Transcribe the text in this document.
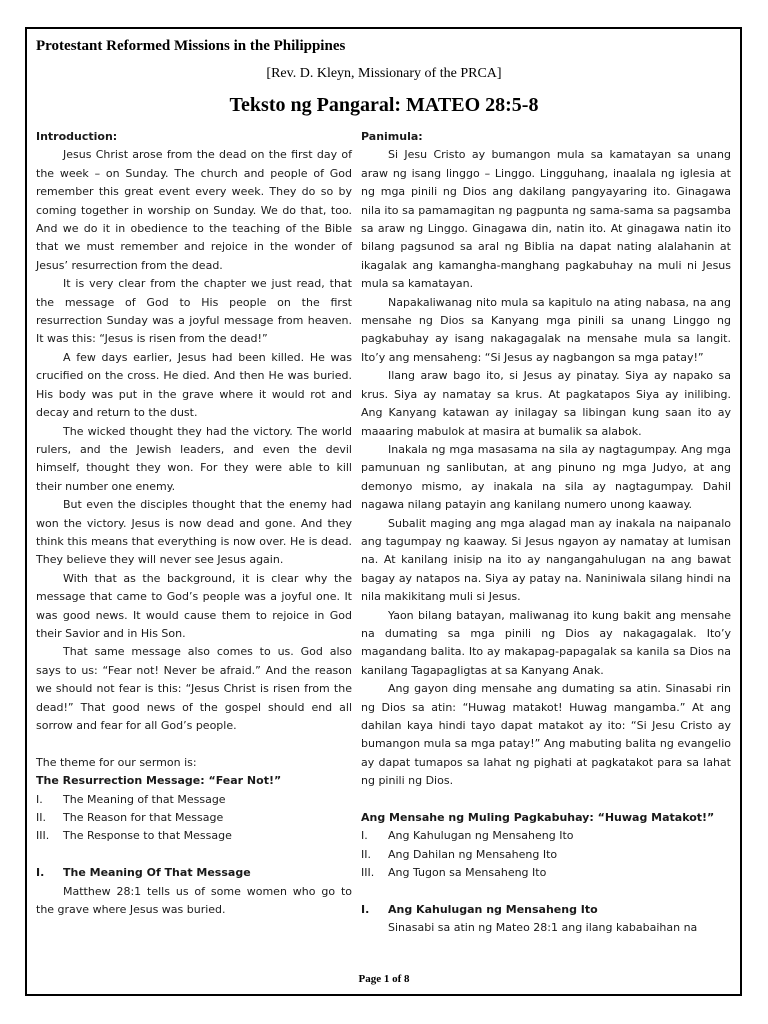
Protestant Reformed Missions in the Philippines
[Rev. D. Kleyn, Missionary of the PRCA]
Teksto ng Pangaral: MATEO 28:5-8

Introduction:

Jesus Christ arose from the dead on the first day of the week – on Sunday. The church and people of God remember this great event every week. They do so by coming together in worship on Sunday. We do that, too. And we do it in obedience to the teaching of the Bible that we must remember and rejoice in the wonder of Jesus’ resurrection from the dead.

It is very clear from the chapter we just read, that the message of God to His people on the first resurrection Sunday was a joyful message from heaven. It was this: “Jesus is risen from the dead!”

A few days earlier, Jesus had been killed. He was crucified on the cross. He died. And then He was buried. His body was put in the grave where it would rot and decay and return to the dust.

The wicked thought they had the victory. The world rulers, and the Jewish leaders, and even the devil himself, thought they won. For they were able to kill their number one enemy.

But even the disciples thought that the enemy had won the victory. Jesus is now dead and gone. And they think this means that everything is now over. He is dead. They believe they will never see Jesus again.

With that as the background, it is clear why the message that came to God’s people was a joyful one. It was good news. It would cause them to rejoice in God their Savior and in His Son.

That same message also comes to us. God also says to us: “Fear not! Never be afraid.” And the reason we should not fear is this: “Jesus Christ is risen from the dead!” That good news of the gospel should end all sorrow and fear for all God’s people.

The theme for our sermon is:

The Resurrection Message: “Fear Not!”

I.	The Meaning of that Message
II.	The Reason for that Message
III.	The Response to that Message
I.	The Meaning Of That Message

Matthew 28:1 tells us of some women who go to the grave where Jesus was buried.

Panimula:

Si Jesu Cristo ay bumangon mula sa kamatayan sa unang araw ng isang linggo – Linggo. Lingguhang, inaalala ng iglesia at ng mga pinili ng Dios ang dakilang pangyayaring ito. Ginagawa nila ito sa pamamagitan ng pagpunta ng sama-sama sa pagsamba sa araw ng Linggo. Ginagawa din, natin ito. At ginagawa natin ito bilang pagsunod sa aral ng Biblia na dapat nating alalahanin at ikagalak ang kamangha-manghang pagkabuhay na muli ni Jesus mula sa kamatayan.

Napakaliwanag nito mula sa kapitulo na ating nabasa, na ang mensahe ng Dios sa Kanyang mga pinili sa unang Linggo ng pagkabuhay ay isang nakagagalak na mensahe mula sa langit. Ito’y ang mensaheng: “Si Jesus ay nagbangon sa mga patay!”

Ilang araw bago ito, si Jesus ay pinatay. Siya ay napako sa krus. Siya ay namatay sa krus. At pagkatapos Siya ay inilibing. Ang Kanyang katawan ay inilagay sa libingan kung saan ito ay maaaring mabulok at masira at bumalik sa alabok.

Inakala ng mga masasama na sila ay nagtagumpay. Ang mga pamunuan ng sanlibutan, at ang pinuno ng mga Judyo, at ang demonyo mismo, ay inakala na sila ay nagtagumpay. Dahil nagawa nilang patayin ang kanilang numero unong kaaway.

Subalit maging ang mga alagad man ay inakala na naipanalo ang tagumpay ng kaaway. Si Jesus ngayon ay namatay at lumisan na. At kanilang inisip na ito ay nangangahulugan na ang bawat bagay ay natapos na. Siya ay patay na. Naniniwala silang hindi na nila makikitang muli si Jesus.

Yaon bilang batayan, maliwanag ito kung bakit ang mensahe na dumating sa mga pinili ng Dios ay nakagagalak. Ito’y magandang balita. Ito ay makapag-papagalak sa kanila sa Dios na kanilang Tagapagligtas at sa Kanyang Anak.

Ang gayon ding mensahe ang dumating sa atin. Sinasabi rin ng Dios sa atin: “Huwag matakot! Huwag mangamba.” At ang dahilan kaya hindi tayo dapat matakot ay ito: “Si Jesu Cristo ay bumangon mula sa mga patay!” Ang mabuting balita ng evangelio ay dapat tumapos sa lahat ng pighati at pagkatakot para sa lahat ng pinili ng Dios.

Ang Mensahe ng Muling Pagkabuhay: “Huwag Matakot!”

I.	Ang Kahulugan ng Mensaheng Ito
II.	Ang Dahilan ng Mensaheng Ito
III.	Ang Tugon sa Mensaheng Ito
I.	Ang Kahulugan ng Mensaheng Ito

Sinasabi sa atin ng Mateo 28:1 ang ilang kababaihan na

Page 1 of 8
